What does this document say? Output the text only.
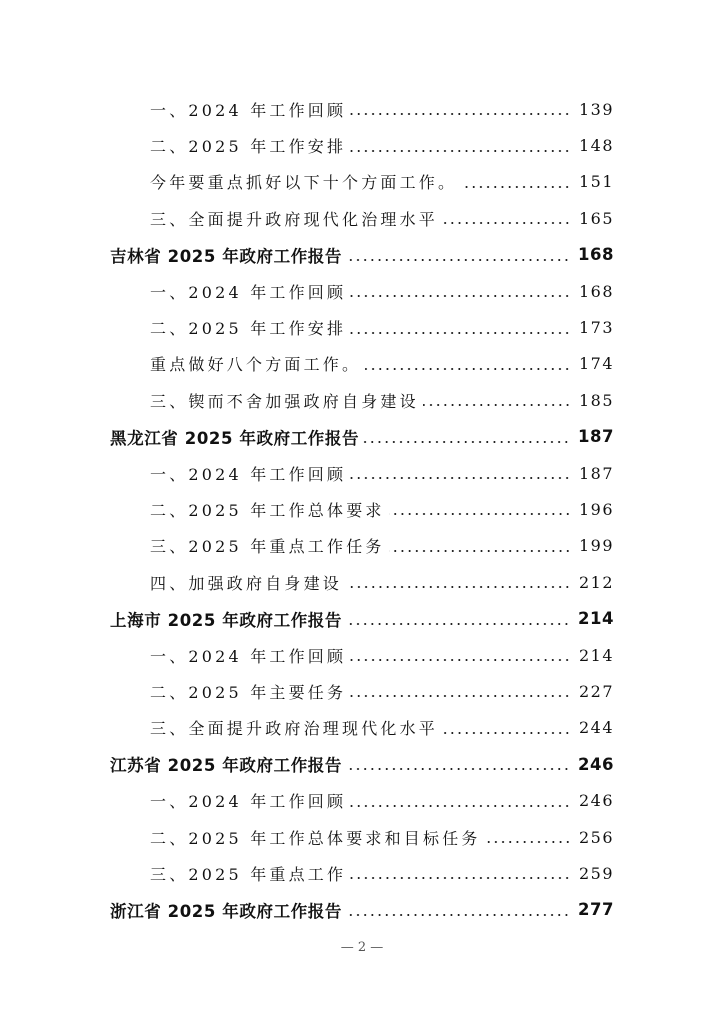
一、2024 年工作回顾	139
二、2025 年工作安排	148
今年要重点抓好以下十个方面工作。	151
三、全面提升政府现代化治理水平	165
吉林省 2025 年政府工作报告	168
一、2024 年工作回顾	168
二、2025 年工作安排	173
重点做好八个方面工作。	174
三、锲而不舍加强政府自身建设	185
黑龙江省 2025 年政府工作报告	187
一、2024 年工作回顾	187
二、2025 年工作总体要求	196
三、2025 年重点工作任务	199
四、加强政府自身建设	212
上海市 2025 年政府工作报告	214
一、2024 年工作回顾	214
二、2025 年主要任务	227
三、全面提升政府治理现代化水平	244
江苏省 2025 年政府工作报告	246
一、2024 年工作回顾	246
二、2025 年工作总体要求和目标任务	256
三、2025 年重点工作	259
浙江省 2025 年政府工作报告	277
— 2 —
